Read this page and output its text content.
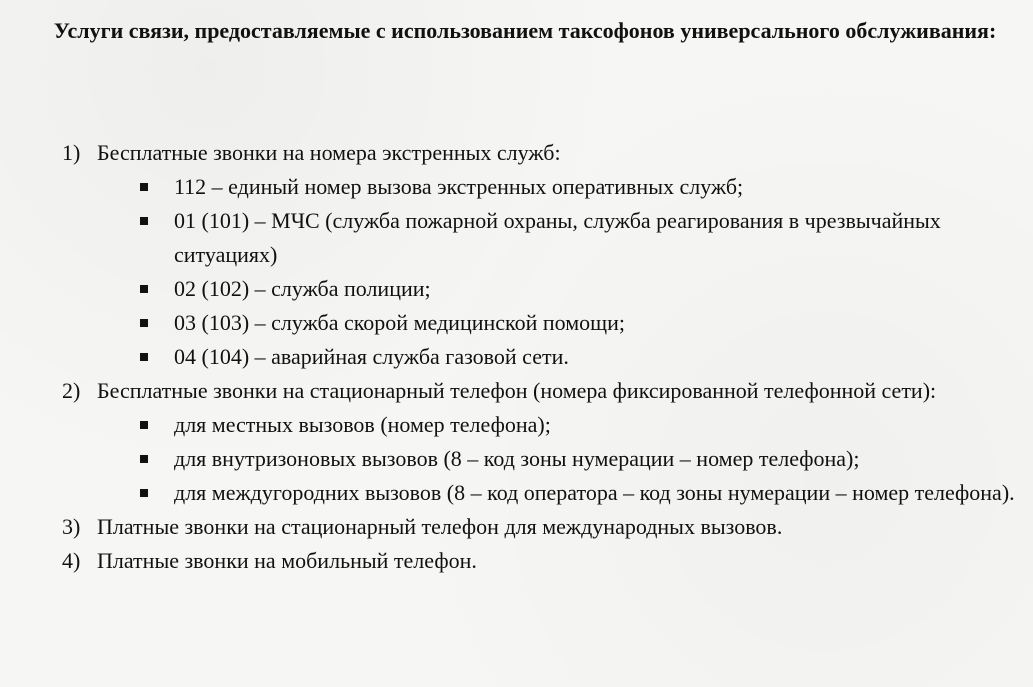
Услуги связи, предоставляемые с использованием таксофонов универсального обслуживания:
1) Бесплатные звонки на номера экстренных служб:
112 – единый номер вызова экстренных оперативных служб;
01 (101) – МЧС (служба пожарной охраны, служба реагирования в чрезвычайных ситуациях)
02 (102) – служба полиции;
03 (103) – служба скорой медицинской помощи;
04 (104) – аварийная служба газовой сети.
2) Бесплатные звонки на стационарный телефон (номера фиксированной телефонной сети):
для местных вызовов (номер телефона);
для внутризоновых вызовов (8 – код зоны нумерации – номер телефона);
для междугородних вызовов (8 – код оператора – код зоны нумерации – номер телефона).
3) Платные звонки на стационарный телефон для международных вызовов.
4) Платные звонки на мобильный телефон.
